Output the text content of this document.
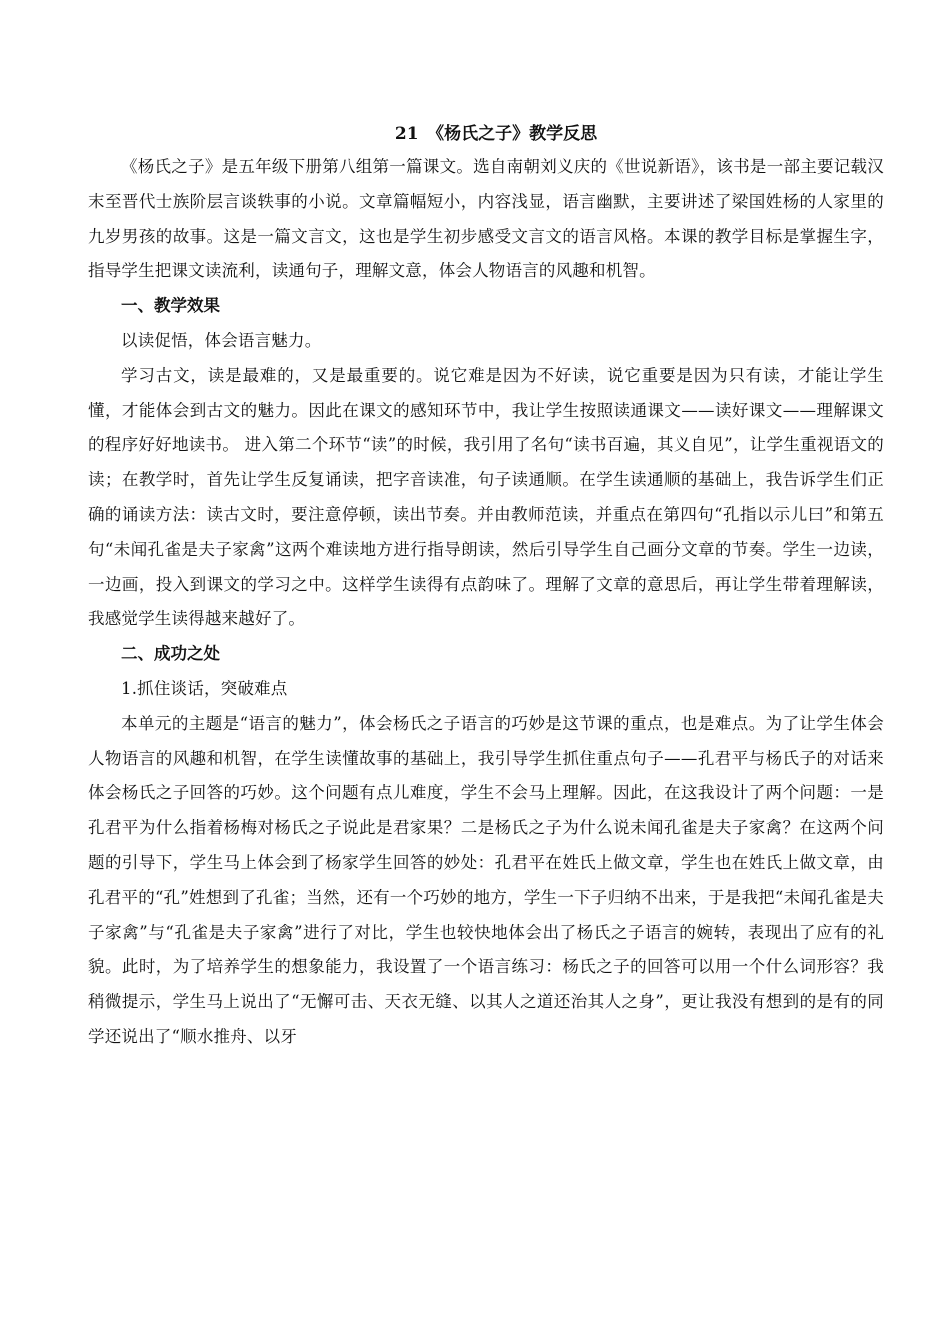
21　《杨氏之子》教学反思

《杨氏之子》是五年级下册第八组第一篇课文。选自南朝刘义庆的《世说新语》，该书是一部主要记载汉末至晋代士族阶层言谈轶事的小说。文章篇幅短小，内容浅显，语言幽默，主要讲述了梁国姓杨的人家里的九岁男孩的故事。这是一篇文言文，这也是学生初步感受文言文的语言风格。本课的教学目标是掌握生字，指导学生把课文读流利，读通句子，理解文意，体会人物语言的风趣和机智。

一、教学效果

以读促悟，体会语言魅力。

学习古文，读是最难的，又是最重要的。说它难是因为不好读，说它重要是因为只有读，才能让学生懂，才能体会到古文的魅力。因此在课文的感知环节中，我让学生按照读通课文——读好课文——理解课文的程序好好地读书。 进入第二个环节“读”的时候，我引用了名句“读书百遍，其义自见”，让学生重视语文的读；在教学时，首先让学生反复诵读，把字音读准，句子读通顺。在学生读通顺的基础上，我告诉学生们正确的诵读方法：读古文时，要注意停顿，读出节奏。并由教师范读，并重点在第四句“孔指以示儿曰”和第五句“未闻孔雀是夫子家禽”这两个难读地方进行指导朗读，然后引导学生自己画分文章的节奏。学生一边读，一边画，投入到课文的学习之中。这样学生读得有点韵味了。理解了文章的意思后，再让学生带着理解读，我感觉学生读得越来越好了。

二、成功之处

1.抓住谈话，突破难点

本单元的主题是“语言的魅力”，体会杨氏之子语言的巧妙是这节课的重点，也是难点。为了让学生体会人物语言的风趣和机智，在学生读懂故事的基础上，我引导学生抓住重点句子——孔君平与杨氏子的对话来体会杨氏之子回答的巧妙。这个问题有点儿难度，学生不会马上理解。因此，在这我设计了两个问题：一是孔君平为什么指着杨梅对杨氏之子说此是君家果？二是杨氏之子为什么说未闻孔雀是夫子家禽？在这两个问题的引导下，学生马上体会到了杨家学生回答的妙处：孔君平在姓氏上做文章，学生也在姓氏上做文章，由孔君平的“孔”姓想到了孔雀；当然，还有一个巧妙的地方，学生一下子归纳不出来，于是我把“未闻孔雀是夫子家禽”与“孔雀是夫子家禽”进行了对比，学生也较快地体会出了杨氏之子语言的婉转，表现出了应有的礼貌。此时，为了培养学生的想象能力，我设置了一个语言练习：杨氏之子的回答可以用一个什么词形容？我稍微提示，学生马上说出了“无懈可击、天衣无缝、以其人之道还治其人之身”，更让我没有想到的是有的同学还说出了“顺水推舟、以牙
